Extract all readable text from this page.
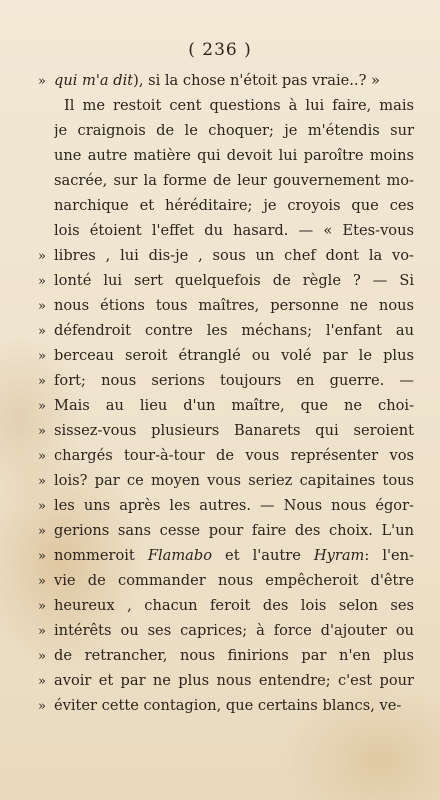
( 236 )
» qui m'a dit), si la chose n'étoit pas vraie..? »
Il me restoit cent questions à lui faire, mais
je craignois de le choquer; je m'étendis sur
une autre matière qui devoit lui paroître moins
sacrée, sur la forme de leur gouvernement mo-
narchique et héréditaire; je croyois que ces
lois étoient l'effet du hasard. — « Etes-vous
» libres , lui dis-je , sous un chef dont la vo-
» lonté lui sert quelquefois de règle ? — Si
» nous étions tous maîtres, personne ne nous
» défendroit contre les méchans; l'enfant au
» berceau seroit étranglé ou volé par le plus
» fort; nous serions toujours en guerre. —
» Mais au lieu d'un maître, que ne choi-
» sissez-vous plusieurs Banarets qui seroient
» chargés tour-à-tour de vous représenter vos
» lois? par ce moyen vous seriez capitaines tous
» les uns après les autres. — Nous nous égor-
» gerions sans cesse pour faire des choix. L'un
» nommeroit Flamabo et l'autre Hyram: l'en-
» vie de commander nous empêcheroit d'être
» heureux , chacun feroit des lois selon ses
» intérêts ou ses caprices; à force d'ajouter ou
» de retrancher, nous finirions par n'en plus
» avoir et par ne plus nous entendre; c'est pour
» éviter cette contagion, que certains blancs, ve-
